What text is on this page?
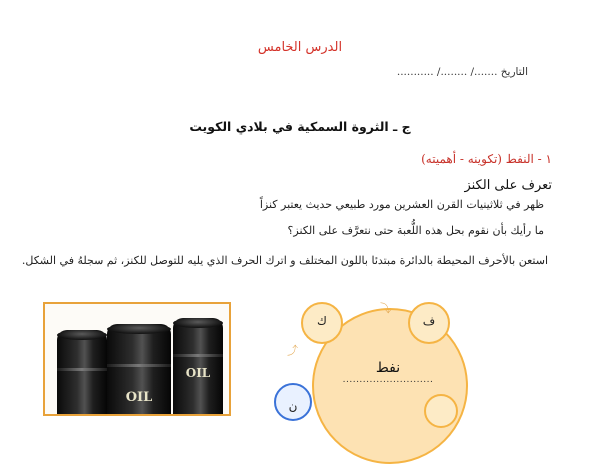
الدرس الخامس
التاريخ ......./ ......../ ...........
ج ـ الثروة السمكية في بلادي الكويت
١ - النفط (تكوينه - أهميته)
تعرف على الكنز
ظهر في ثلاثينيات القرن العشرين مورد طبيعي حديث يعتبر كنزاً
ما رأيك بأن نقوم بحل هذه اللُّعبة حتى نتعرَّف على الكنز؟
استعن بالأحرف المحيطة بالدائرة مبتدئا باللون المختلف و اترك الحرف الذي يليه للتوصل للكنز، ثم سجلهُ في الشكل.
OIL
OIL
نفط
...........................
ك	ف
ن
⤴
⤵
